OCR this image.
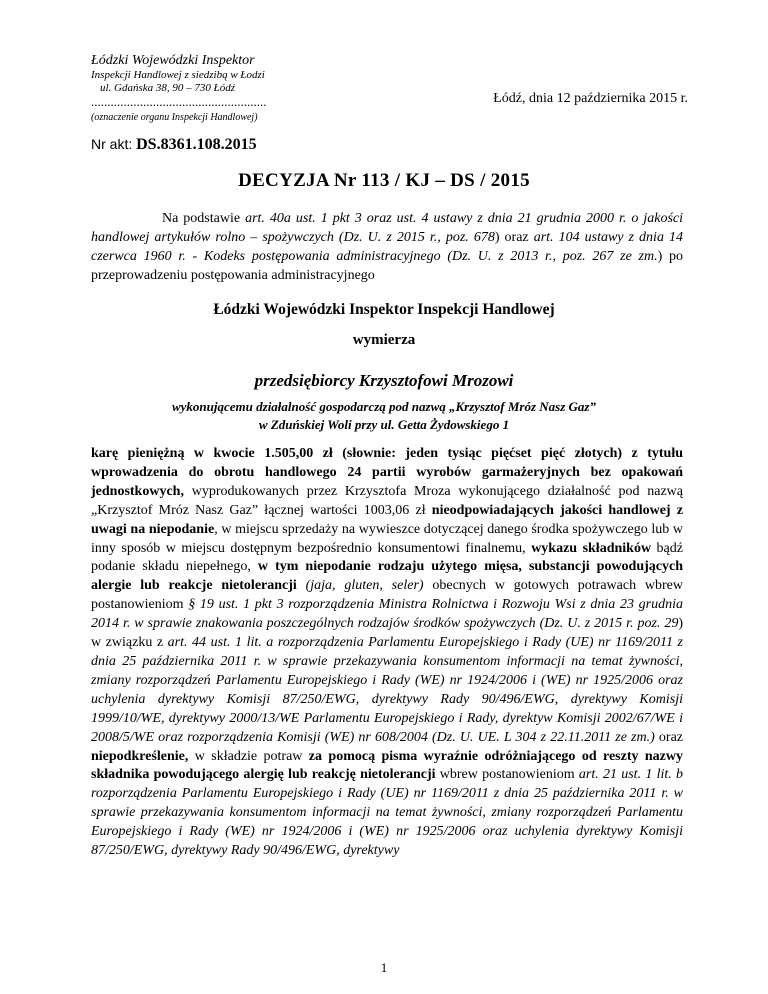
Łódzki Wojewódzki Inspektor
Inspekcji Handlowej z siedzibą w Łodzi
ul. Gdańska 38, 90 – 730 Łódź
......................................................
(oznaczenie organu Inspekcji Handlowej)
Łódź, dnia 12 października 2015 r.
Nr akt: DS.8361.108.2015
DECYZJA Nr 113 / KJ – DS / 2015
Na podstawie art. 40a ust. 1 pkt 3 oraz ust. 4 ustawy z dnia 21 grudnia 2000 r. o jakości handlowej artykułów rolno – spożywczych (Dz. U. z 2015 r., poz. 678) oraz art. 104 ustawy z dnia 14 czerwca 1960 r. - Kodeks postępowania administracyjnego (Dz. U. z 2013 r., poz. 267 ze zm.) po przeprowadzeniu postępowania administracyjnego
Łódzki Wojewódzki Inspektor Inspekcji Handlowej
wymierza
przedsiębiorcy Krzysztofowi Mrozowi
wykonującemu działalność gospodarczą pod nazwą „Krzysztof Mróz Nasz Gaz”
w Zduńskiej Woli przy ul. Getta Żydowskiego 1
karę pieniężną w kwocie 1.505,00 zł (słownie: jeden tysiąc pięćset pięć złotych) z tytułu wprowadzenia do obrotu handlowego 24 partii wyrobów garmażeryjnych bez opakowań jednostkowych, wyprodukowanych przez Krzysztofa Mroza wykonującego działalność pod nazwą „Krzysztof Mróz Nasz Gaz” łącznej wartości 1003,06 zł nieodpowiadających jakości handlowej z uwagi na niepodanie, w miejscu sprzedaży na wywieszce dotyczącej danego środka spożywczego lub w inny sposób w miejscu dostępnym bezpośrednio konsumentowi finalnemu, wykazu składników bądź podanie składu niepełnego, w tym niepodanie rodzaju użytego mięsa, substancji powodujących alergie lub reakcje nietolerancji (jaja, gluten, seler) obecnych w gotowych potrawach wbrew postanowieniom § 19 ust. 1 pkt 3 rozporządzenia Ministra Rolnictwa i Rozwoju Wsi z dnia 23 grudnia 2014 r. w sprawie znakowania poszczególnych rodzajów środków spożywczych (Dz. U. z 2015 r. poz. 29) w związku z art. 44 ust. 1 lit. a rozporządzenia Parlamentu Europejskiego i Rady (UE) nr 1169/2011 z dnia 25 października 2011 r. w sprawie przekazywania konsumentom informacji na temat żywności, zmiany rozporządzeń Parlamentu Europejskiego i Rady (WE) nr 1924/2006 i (WE) nr 1925/2006 oraz uchylenia dyrektywy Komisji 87/250/EWG, dyrektywy Rady 90/496/EWG, dyrektywy Komisji 1999/10/WE, dyrektywy 2000/13/WE Parlamentu Europejskiego i Rady, dyrektyw Komisji 2002/67/WE i 2008/5/WE oraz rozporządzenia Komisji (WE) nr 608/2004 (Dz. U. UE. L 304 z 22.11.2011 ze zm.) oraz niepodkreślenie, w składzie potraw za pomocą pisma wyraźnie odróżniającego od reszty nazwy składnika powodującego alergię lub reakcję nietolerancji wbrew postanowieniom art. 21 ust. 1 lit. b rozporządzenia Parlamentu Europejskiego i Rady (UE) nr 1169/2011 z dnia 25 października 2011 r. w sprawie przekazywania konsumentom informacji na temat żywności, zmiany rozporządzeń Parlamentu Europejskiego i Rady (WE) nr 1924/2006 i (WE) nr 1925/2006 oraz uchylenia dyrektywy Komisji 87/250/EWG, dyrektywy Rady 90/496/EWG, dyrektywy
1
